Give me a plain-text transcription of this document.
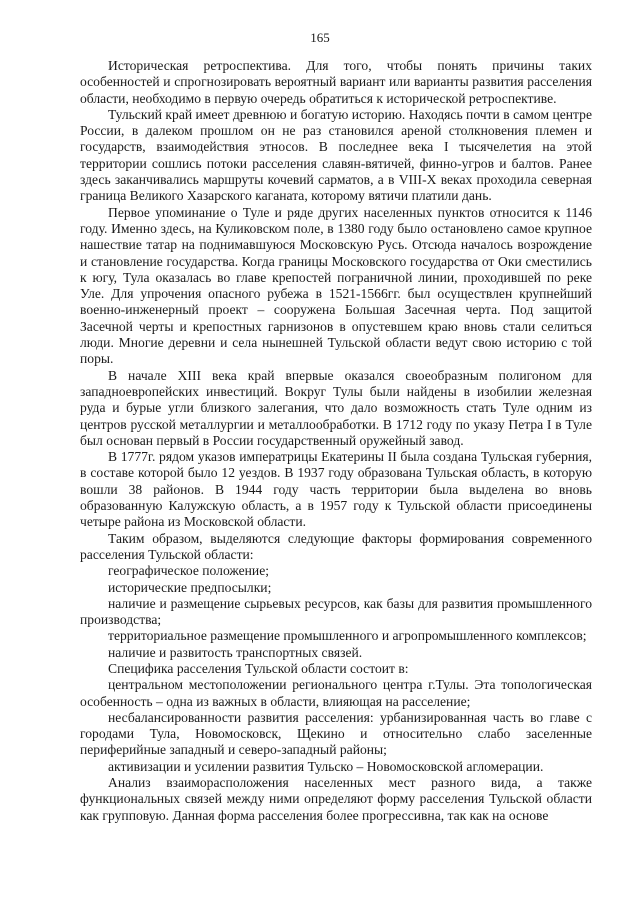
165

Историческая ретроспектива. Для того, чтобы понять причины таких особенностей и спрогнозировать вероятный вариант или варианты развития расселения области, необходимо в первую очередь обратиться к исторической ретроспективе.

Тульский край имеет древнюю и богатую историю. Находясь почти в самом центре России, в далеком прошлом он не раз становился ареной столкновения племен и государств, взаимодействия этносов. В последнее века I тысячелетия на этой территории сошлись потоки расселения славян-вятичей, финно-угров и балтов. Ранее здесь заканчивались маршруты кочевий сарматов, а в VIII-X веках проходила северная граница Великого Хазарского каганата, которому вятичи платили дань.

Первое упоминание о Туле и ряде других населенных пунктов относится к 1146 году. Именно здесь, на Куликовском поле, в 1380 году было остановлено самое крупное нашествие татар на поднимавшуюся Московскую Русь. Отсюда началось возрождение и становление государства. Когда границы Московского государства от Оки сместились к югу, Тула оказалась во главе крепостей пограничной линии, проходившей по реке Уле. Для упрочения опасного рубежа в 1521-1566гг. был осуществлен крупнейший военно-инженерный проект – сооружена Большая Засечная черта. Под защитой Засечной черты и крепостных гарнизонов в опустевшем краю вновь стали селиться люди. Многие деревни и села нынешней Тульской области ведут свою историю с той поры.

В начале XIII века край впервые оказался своеобразным полигоном для западноевропейских инвестиций. Вокруг Тулы были найдены в изобилии железная руда и бурые угли близкого залегания, что дало возможность стать Туле одним из центров русской металлургии и металлообработки. В 1712 году по указу Петра I в Туле был основан первый в России государственный оружейный завод.

В 1777г. рядом указов императрицы Екатерины II была создана Тульская губерния, в составе которой было 12 уездов. В 1937 году образована Тульская область, в которую вошли 38 районов. В 1944 году часть территории была выделена во вновь образованную Калужскую область, а в 1957 году к Тульской области присоединены четыре района из Московской области.

Таким образом, выделяются следующие факторы формирования современного расселения Тульской области:

географическое положение;

исторические предпосылки;

наличие и размещение сырьевых ресурсов, как базы для развития промышленного производства;

территориальное размещение промышленного и агропромышленного комплексов;

наличие и развитость транспортных связей.

Специфика расселения Тульской области состоит в:

центральном местоположении регионального центра г.Тулы. Эта топологическая особенность – одна из важных в области, влияющая на расселение;

несбалансированности развития расселения: урбанизированная часть во главе с городами Тула, Новомосковск, Щекино и относительно слабо заселенные периферийные западный и северо-западный районы;

активизации и усилении развития Тульско – Новомосковской агломерации.

Анализ взаиморасположения населенных мест разного вида, а также функциональных связей между ними определяют форму расселения Тульской области как групповую. Данная форма расселения более прогрессивна, так как на основе
